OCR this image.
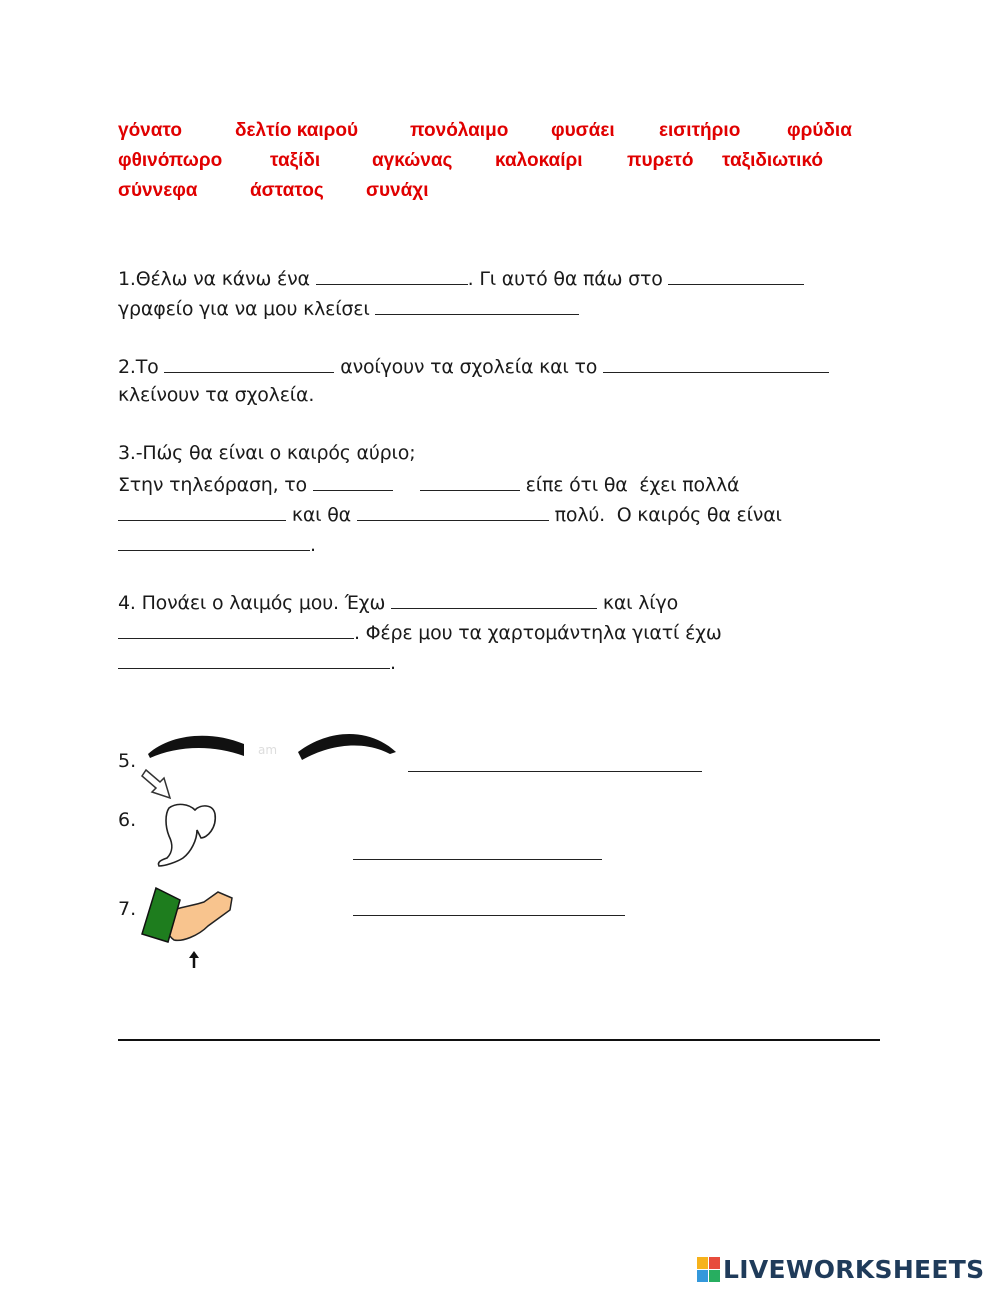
γόνατο	δελτίο καιρού	πονόλαιμο φυσάει εισιτήριο φρύδια
φθινόπωρο	ταξίδι	αγκώνας καλοκαίρι πυρετό ταξιδιωτικό
σύννεφα	άστατος συνάχι
1.Θέλω να κάνω ένα	. Γι αυτό θα πάω στο
γραφείο για να μου κλείσει
2.Το	ανοίγουν τα σχολεία και το
κλείνουν τα σχολεία.
3.-Πώς θα είναι ο καιρός αύριο;
Στην τηλεόραση, το	είπε ότι θα  έχει πολλά
και θα	πολύ.  Ο καιρός θα είναι
.
4. Πονάει ο λαιμός μου. Έχω	και λίγο
. Φέρε μου τα χαρτομάντηλα γιατί έχω
.
5.	am
6.
7.
LIVEWORKSHEETS
